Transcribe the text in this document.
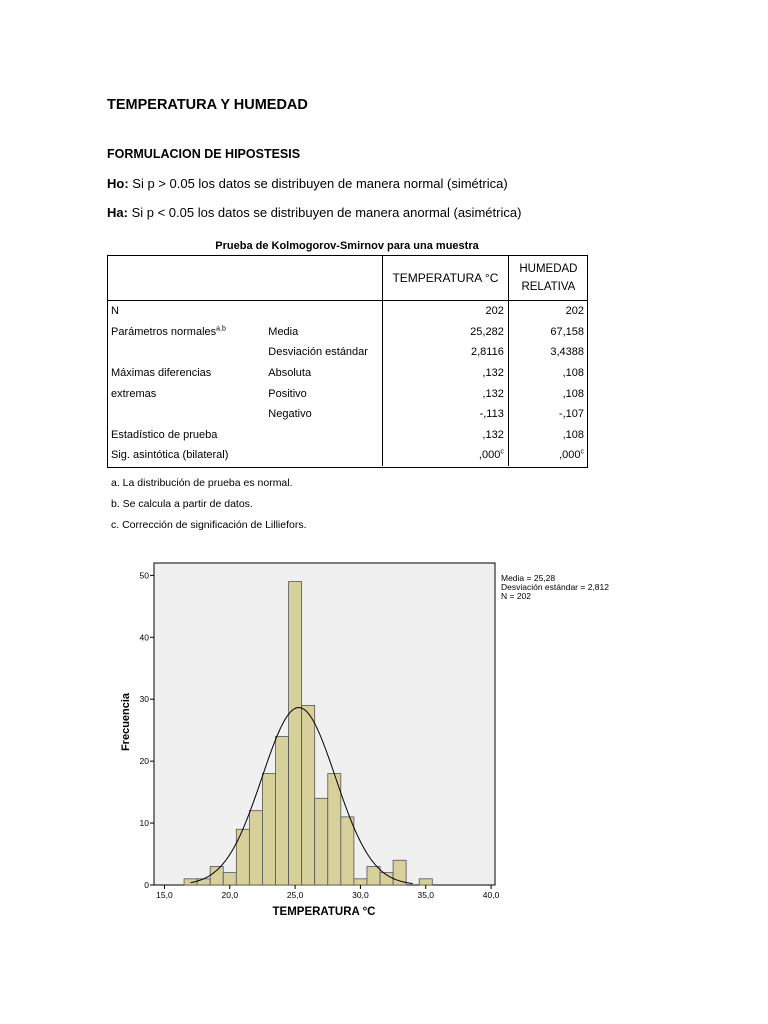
TEMPERATURA Y HUMEDAD
FORMULACION DE HIPOSTESIS
Ho: Si p > 0.05 los datos se distribuyen de manera normal (simétrica)
Ha: Si p < 0.05 los datos se distribuyen de manera anormal (asimétrica)
Prueba de Kolmogorov-Smirnov para una muestra
		TEMPERATURA °C	HUMEDAD
RELATIVA

N		202	202
Parámetros normales$^{a,b}$	Media	25,282	67,158
	Desviación estándar	2,8116	3,4388
Máximas diferencias	Absoluta	,132	,108
extremas	Positivo	,132	,108
	Negativo	-,113	-,107
Estadístico de prueba		,132	,108
Sig. asintótica (bilateral)		,000$^c$	,000$^c$
a. La distribución de prueba es normal.
b. Se calcula a partir de datos.
c. Corrección de significación de Lilliefors.
15,0	20,0	25,0	30,0	35,0	40,0
0
10
20
30
40
50
TEMPERATURA °C
Frecuencia
Media = 25,28
Desviación estándar = 2,812
N = 202
